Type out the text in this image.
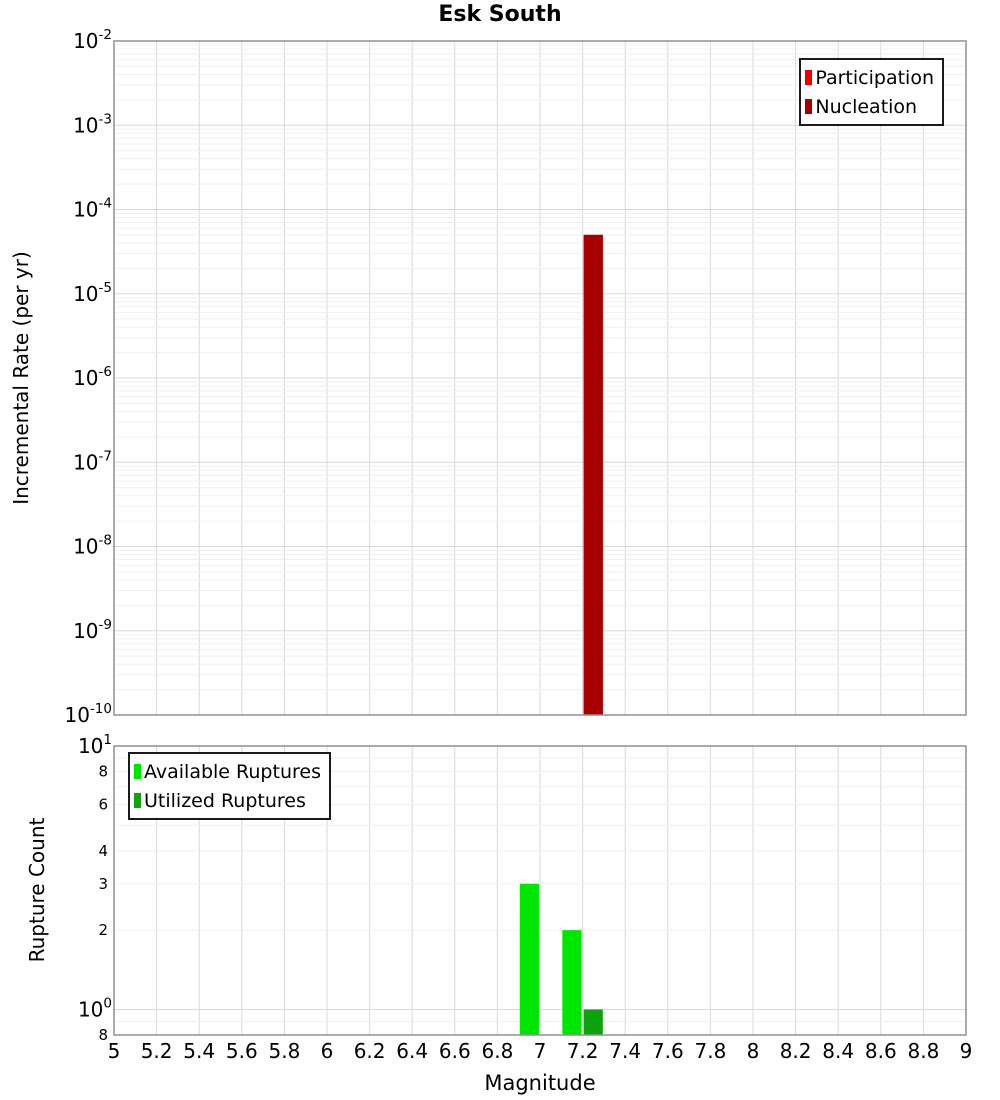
Esk South
5 5.2 5.4 5.6 5.8 6 6.2 6.4 6.6 6.8 7 7.2 7.4 7.6 7.8 8 8.2 8.4 8.6 8.8 9
$10^{-2}$
$10^{-3}$
$10^{-4}$
$10^{-5}$
$10^{-6}$
$10^{-7}$
$10^{-8}$
$10^{-9}$
$10^{-10}$
$10^1$
$10^0$
8
6
4
3
2
8
Incremental Rate (per yr)
Rupture Count
Magnitude
Participation
Nucleation
Available Ruptures
Utilized Ruptures
